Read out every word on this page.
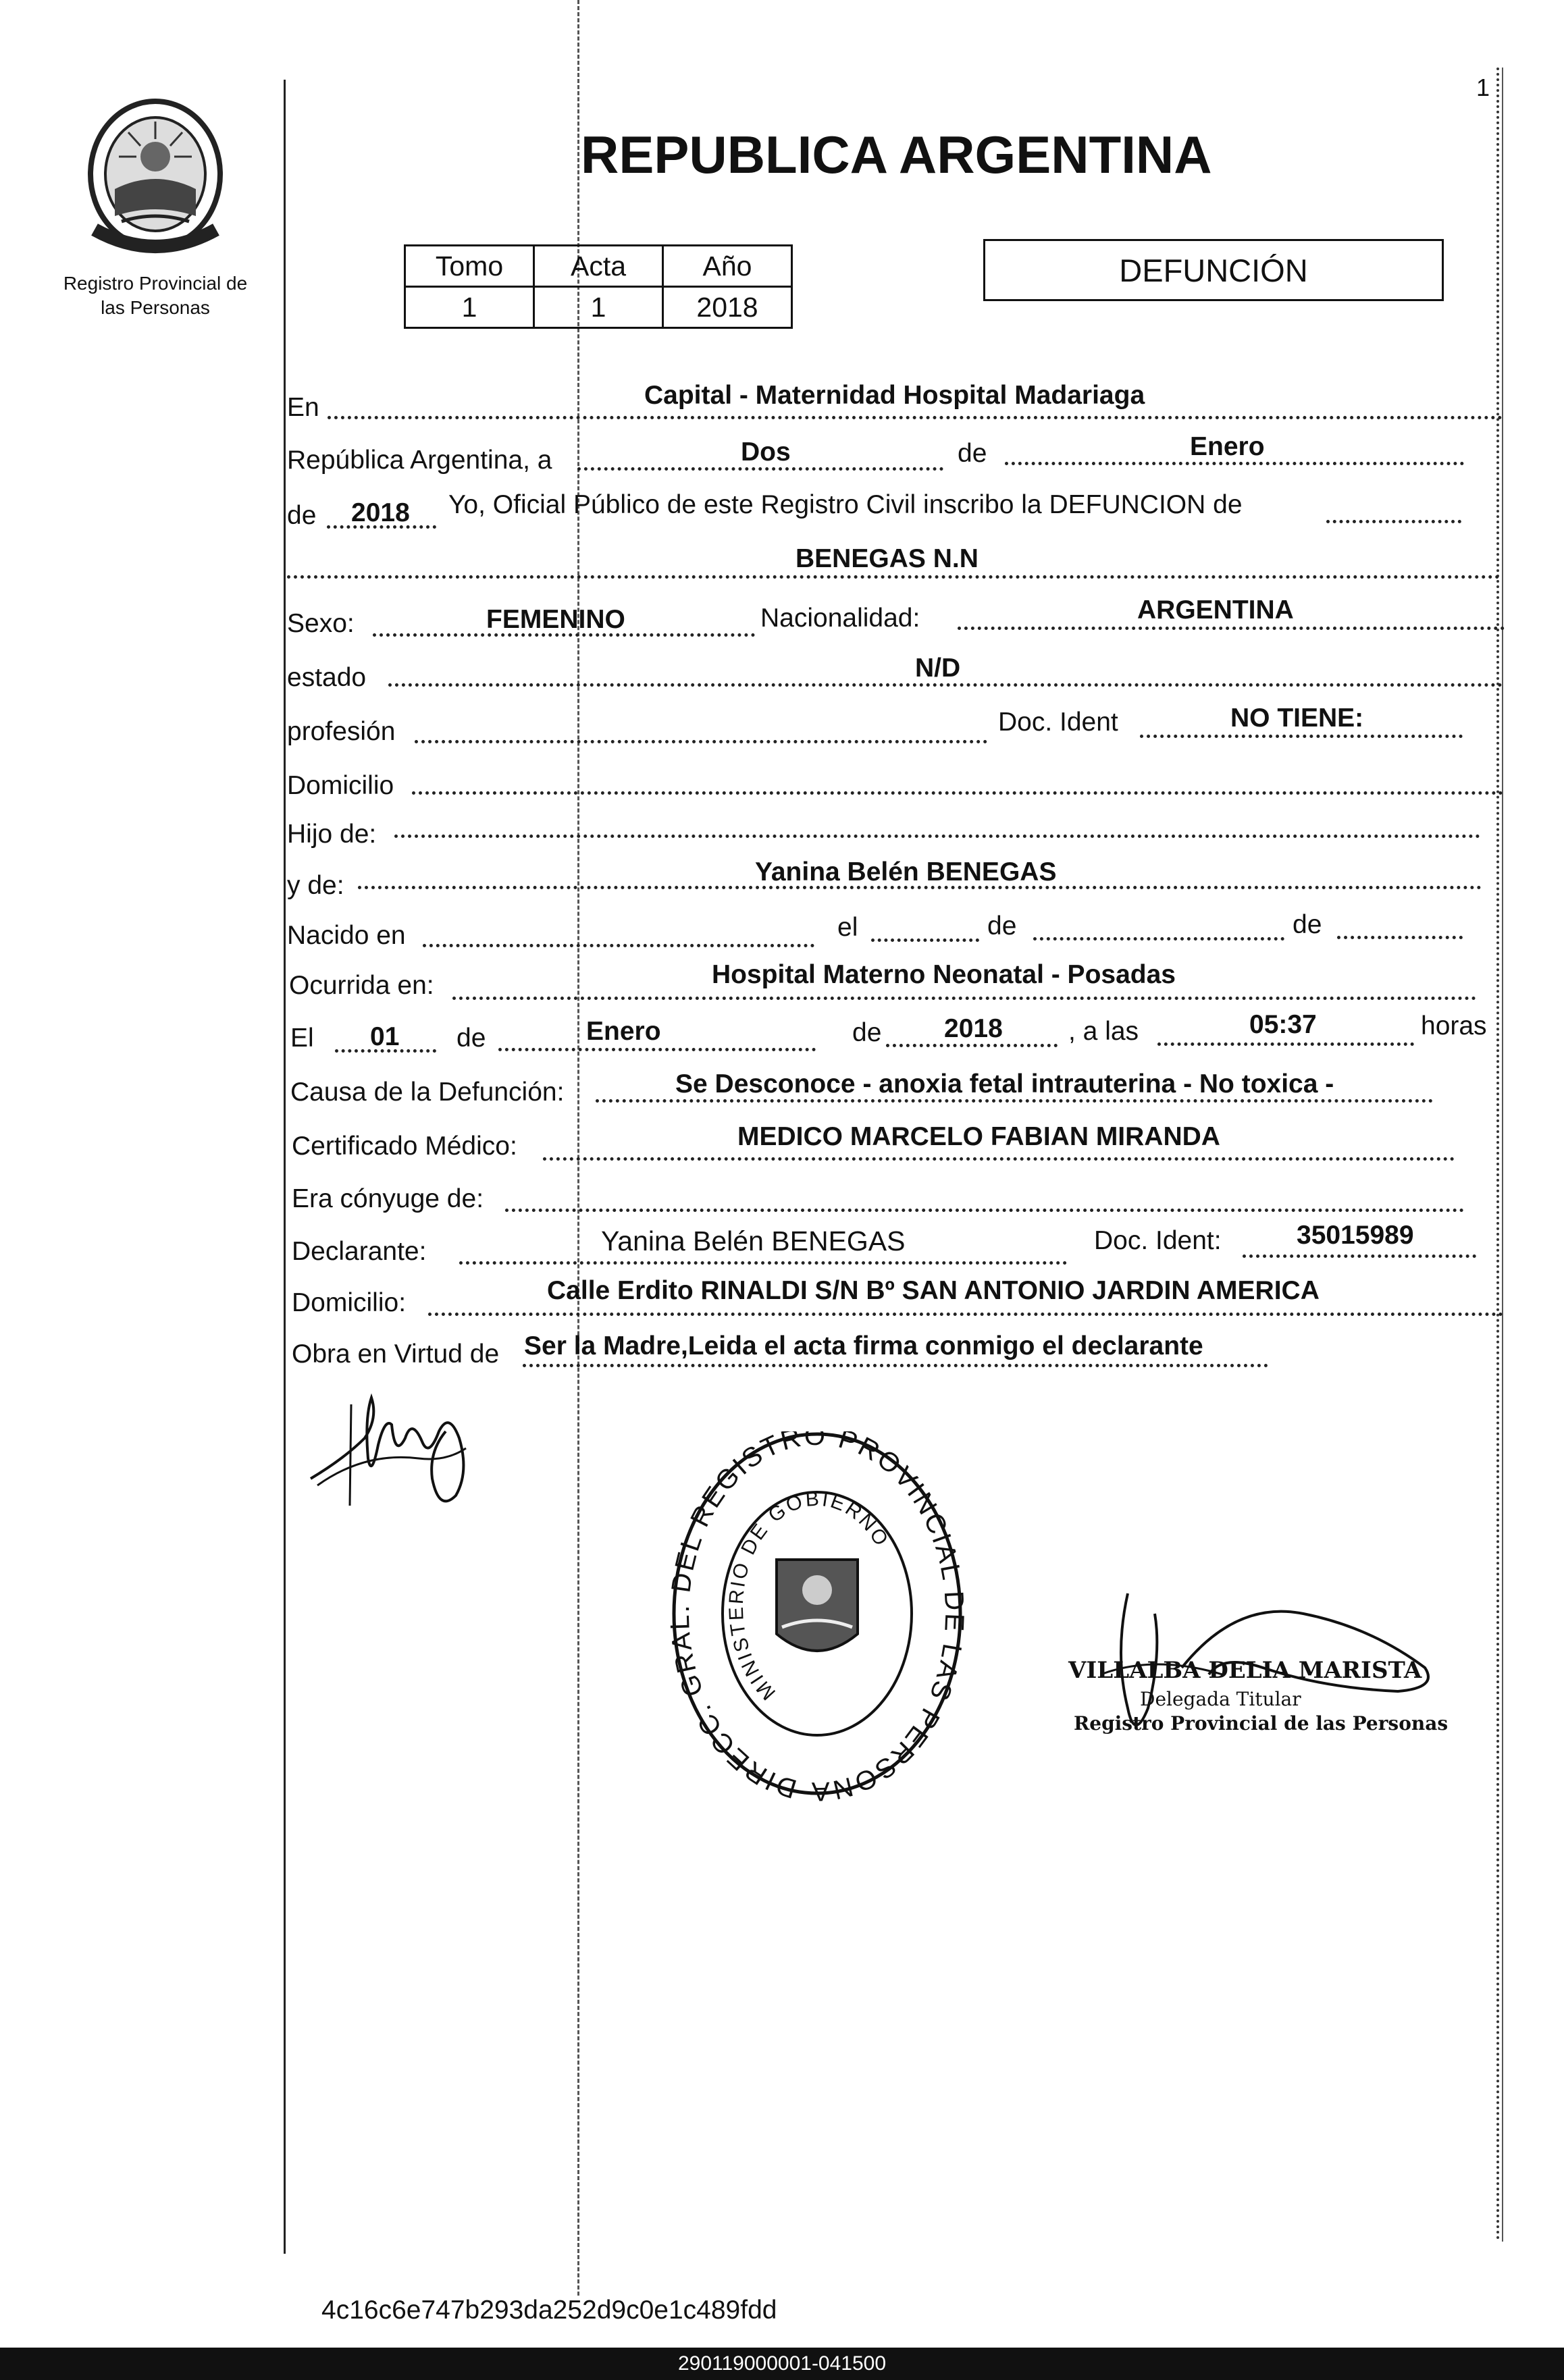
1
Registro Provincial de las Personas
REPUBLICA ARGENTINA
Tomo	Acta	Año
1	1	2018
DEFUNCIÓN
En	Capital - Maternidad Hospital Madariaga
República Argentina, a	Dos	de	Enero
de 2018 Yo, Oficial Público de este Registro Civil inscribo la DEFUNCION de
BENEGAS N.N
Sexo:	FEMENINO	Nacionalidad:	ARGENTINA
estado	N/D
profesión	Doc. Ident	NO TIENE:
Domicilio
Hijo de:
y de:	Yanina Belén BENEGAS
Nacido en	el	de	de
Ocurrida en:	Hospital Materno Neonatal - Posadas
El 01 de	Enero	de 2018 , a las	05:37	horas
Causa de la Defunción:	Se Desconoce - anoxia fetal intrauterina - No toxica -
Certificado Médico:	MEDICO MARCELO FABIAN MIRANDA
Era cónyuge de:
Declarante:	Yanina Belén BENEGAS	Doc. Ident:	35015989
Domicilio:	Calle Erdito RINALDI S/N Bº SAN ANTONIO JARDIN AMERICA
Obra en Virtud de Ser la Madre,Leida el acta firma conmigo el declarante
DIRECC. GRA DEL REGISTRO PROVINCIAL LAS PERSONA
MINISTERIO DE GOBIERNO
VILLALBA DELIA MARISTA
Delegada Titular
Registro Provincial de las Personas
4c16c6e747b293da252d9c0e1c489fdd
290119000001-041500
